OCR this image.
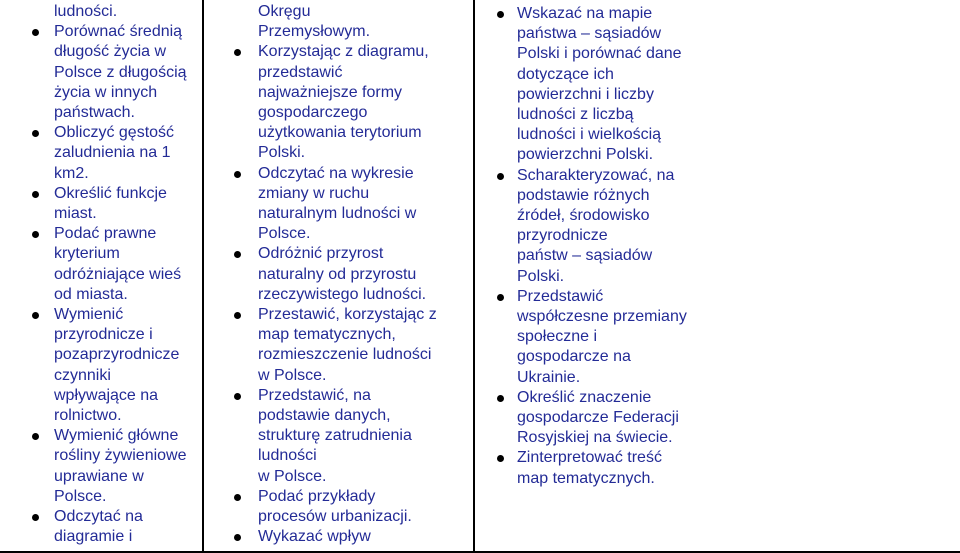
ludności.
Porównać średnią
długość życia w
Polsce z długością
życia w innych
państwach.
Obliczyć gęstość
zaludnienia na 1
km2.
Określić funkcje
miast.
Podać prawne
kryterium
odróżniające wieś
od miasta.
Wymienić
przyrodnicze i
pozaprzyrodnicze
czynniki
wpływające na
rolnictwo.
Wymienić główne
rośliny żywieniowe
uprawiane w
Polsce.
Odczytać na
diagramie i
Okręgu
Przemysłowym.
Korzystając z diagramu,
przedstawić
najważniejsze formy
gospodarczego
użytkowania terytorium
Polski.
Odczytać na wykresie
zmiany w ruchu
naturalnym ludności w
Polsce.
Odróżnić przyrost
naturalny od przyrostu
rzeczywistego ludności.
Przestawić, korzystając z
map tematycznych,
rozmieszczenie ludności
w Polsce.
Przedstawić, na
podstawie danych,
strukturę zatrudnienia
ludności
w Polsce.
Podać przykłady
procesów urbanizacji.
Wykazać wpływ
Wskazać na mapie
państwa – sąsiadów
Polski i porównać dane
dotyczące ich
powierzchni i liczby
ludności z liczbą
ludności i wielkością
powierzchni Polski.
Scharakteryzować, na
podstawie różnych
źródeł, środowisko
przyrodnicze
państw – sąsiadów
Polski.
Przedstawić
współczesne przemiany
społeczne i
gospodarcze na
Ukrainie.
Określić znaczenie
gospodarcze Federacji
Rosyjskiej na świecie.
Zinterpretować treść
map tematycznych.
